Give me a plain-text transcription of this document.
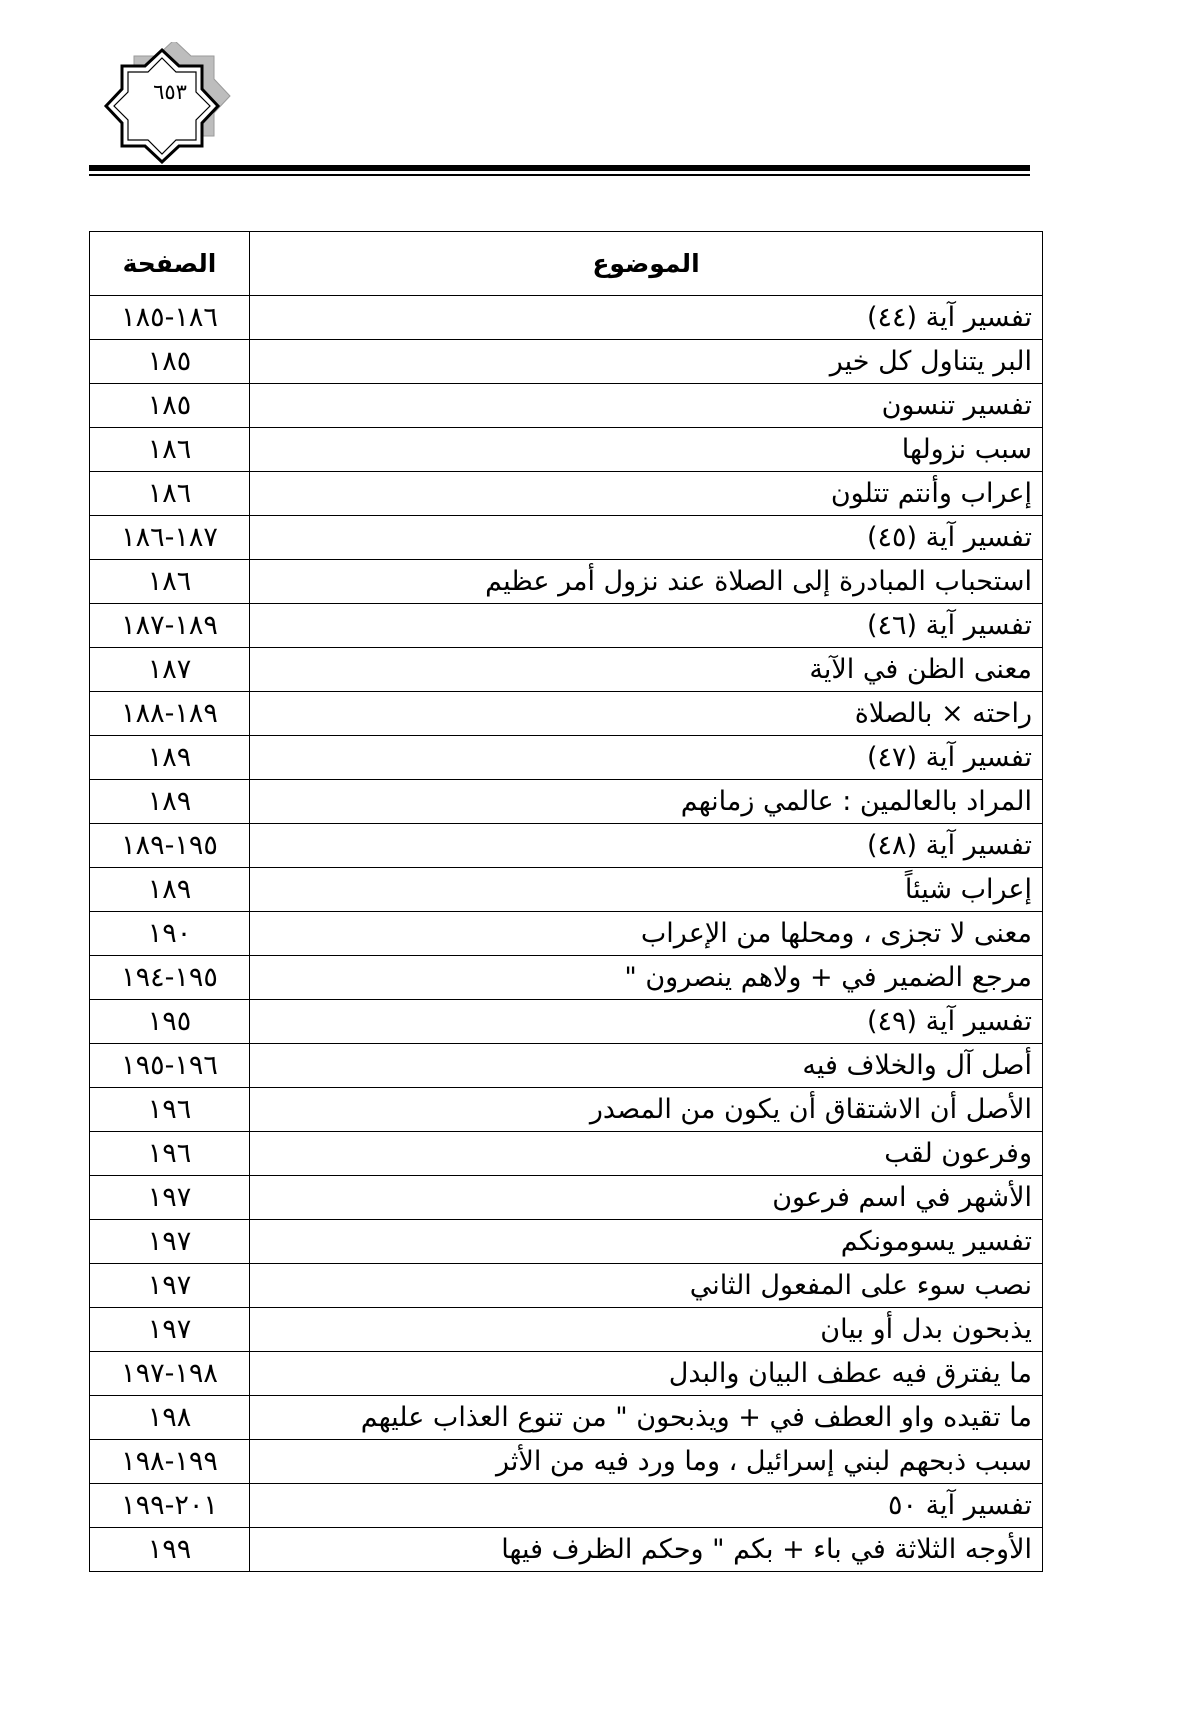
٦٥٣
الموضوع	الصفحة
تفسير آية (٤٤)	١٨٦-١٨٥
البر يتناول كل خير	١٨٥
تفسير تنسون	١٨٥
سبب نزولها	١٨٦
إعراب وأنتم تتلون	١٨٦
تفسير آية (٤٥)	١٨٧-١٨٦
استحباب المبادرة إلى الصلاة عند نزول أمر عظيم	١٨٦
تفسير آية (٤٦)	١٨٩-١٨٧
معنى الظن في الآية	١٨٧
راحته × بالصلاة	١٨٩-١٨٨
تفسير آية (٤٧)	١٨٩
المراد بالعالمين : عالمي زمانهم	١٨٩
تفسير آية (٤٨)	١٩٥-١٨٩
إعراب شيئاً	١٨٩
معنى لا تجزى ، ومحلها من الإعراب	١٩٠
مرجع الضمير في + ولاهم ينصرون "	١٩٥-١٩٤
تفسير آية (٤٩)	١٩٥
أصل آل والخلاف فيه	١٩٦-١٩٥
الأصل أن الاشتقاق أن يكون من المصدر	١٩٦
وفرعون لقب	١٩٦
الأشهر في اسم فرعون	١٩٧
تفسير يسومونكم	١٩٧
نصب سوء على المفعول الثاني	١٩٧
يذبحون بدل أو بيان	١٩٧
ما يفترق فيه عطف البيان والبدل	١٩٨-١٩٧
ما تقيده واو العطف في + ويذبحون " من تنوع العذاب عليهم	١٩٨
سبب ذبحهم لبني إسرائيل ، وما ورد فيه من الأثر	١٩٩-١٩٨
تفسير آية ٥٠	٢٠١-١٩٩
الأوجه الثلاثة في باء + بكم " وحكم الظرف فيها	١٩٩
